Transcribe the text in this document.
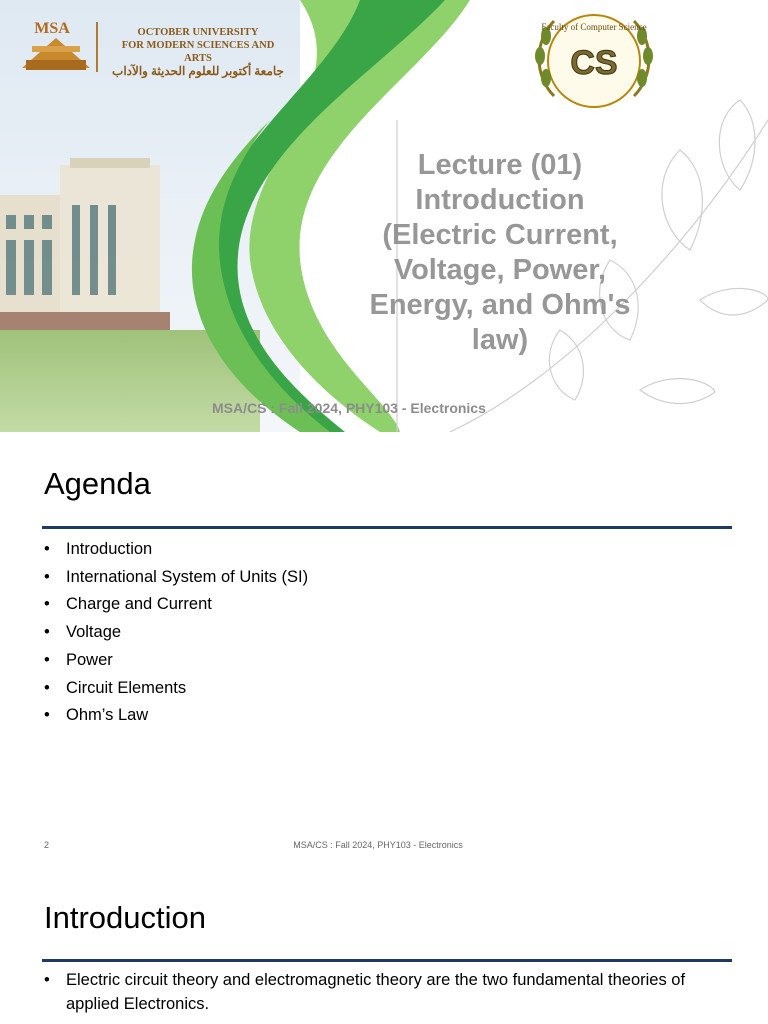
MSA	OCTOBER UNIVERSITY
FOR MODERN SCIENCES AND ARTS
جامعة أكتوبر للعلوم الحديثة والآداب
Faculty of Computer Science
CS
Lecture (01)
Introduction
(Electric Current,
Voltage, Power,
Energy, and Ohm's
law)
MSA/CS : Fall 2024, PHY103 - Electronics
Agenda
• Introduction
• International System of Units (SI)
• Charge and Current
• Voltage
• Power
• Circuit Elements
• Ohm’s Law
2	MSA/CS : Fall 2024, PHY103 - Electronics
Introduction
• Electric circuit theory and electromagnetic theory are the two fundamental theories of applied Electronics.
